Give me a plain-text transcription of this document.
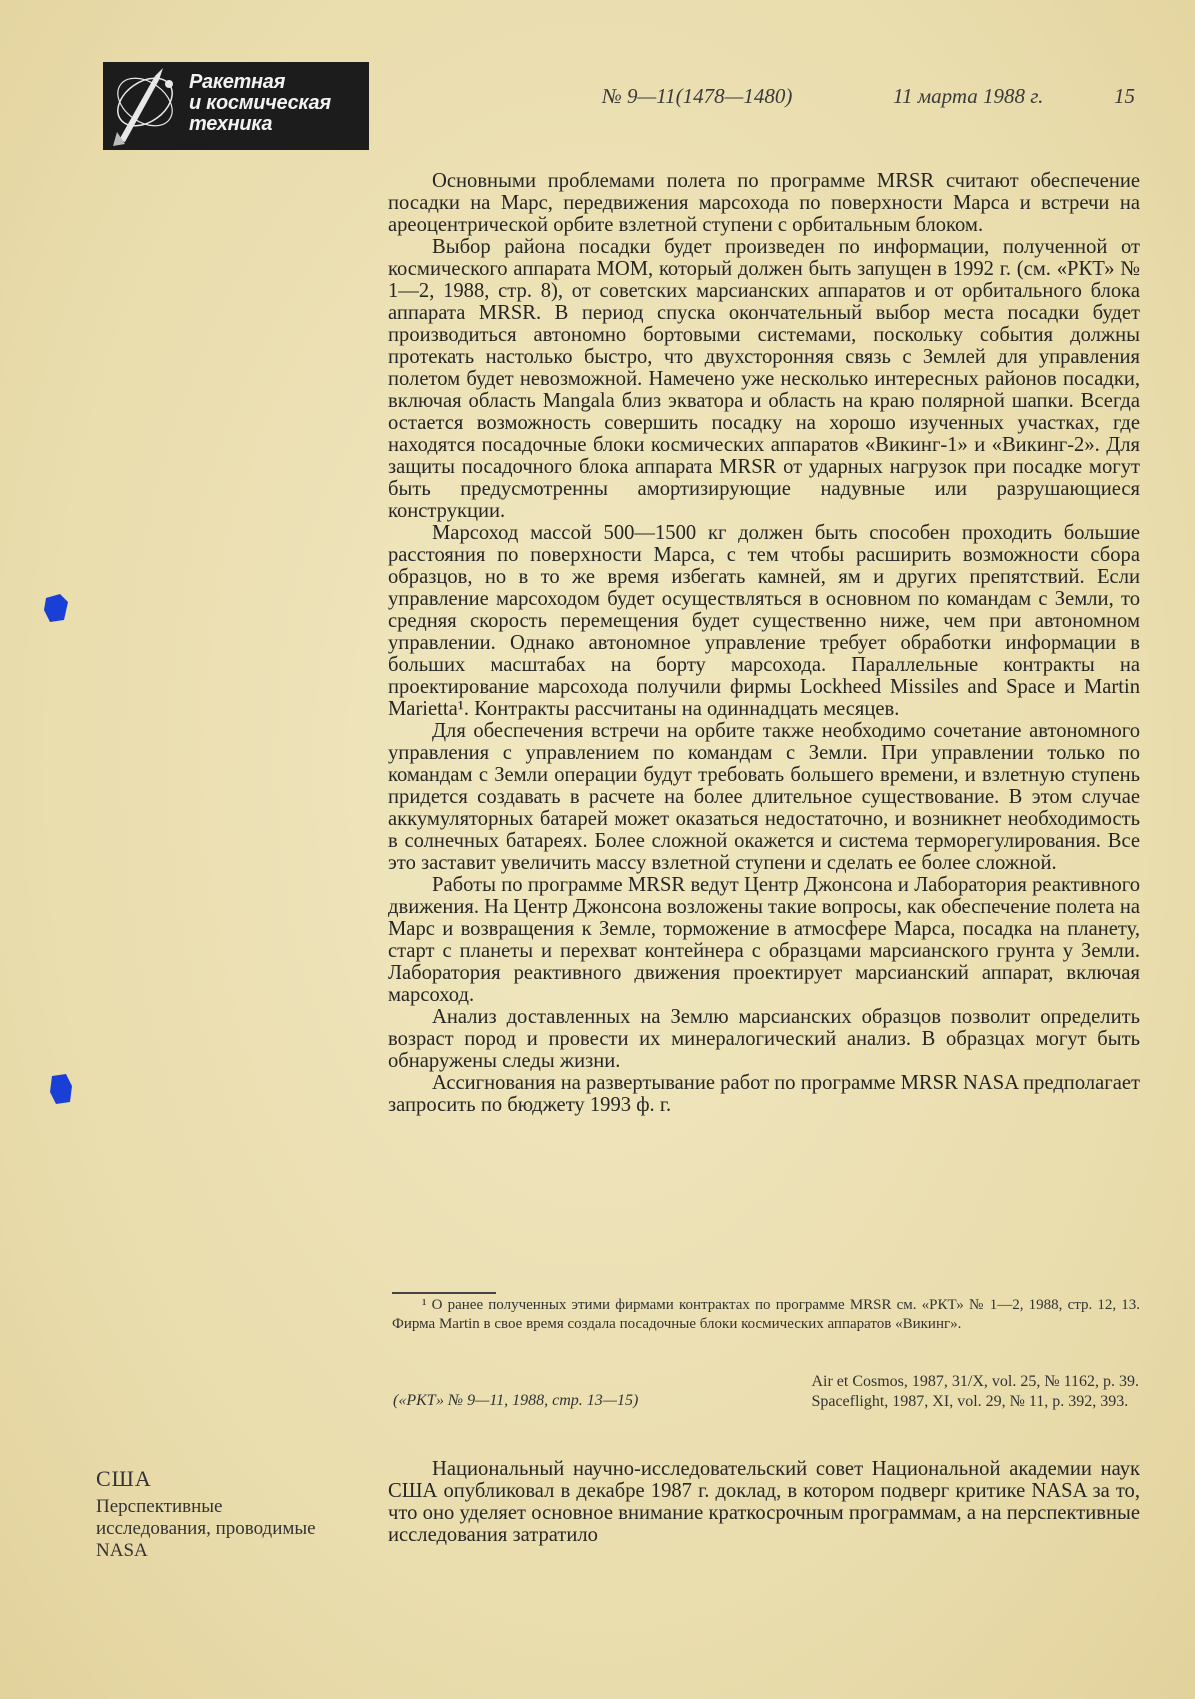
Ракетная
и космическая
техника
№ 9—11(1478—1480)	11 марта 1988 г.	15

Основными проблемами полета по программе MRSR считают обеспечение посадки на Марс, передвижения марсохода по поверхности Марса и встречи на ареоцентрической орбите взлетной ступени с орбитальным блоком.

Выбор района посадки будет произведен по информации, полученной от космического аппарата МОМ, который должен быть запущен в 1992 г. (см. «РКТ» № 1—2, 1988, стр. 8), от советских марсианских аппаратов и от орбитального блока аппарата MRSR. В период спуска окончательный выбор места посадки будет производиться автономно бортовыми системами, поскольку события должны протекать настолько быстро, что двухсторонняя связь с Землей для управления полетом будет невозможной. Намечено уже несколько интересных районов посадки, включая область Mangala близ экватора и область на краю полярной шапки. Всегда остается возможность совершить посадку на хорошо изученных участках, где находятся посадочные блоки космических аппаратов «Викинг-1» и «Викинг-2». Для защиты посадочного блока аппарата MRSR от ударных нагрузок при посадке могут быть предусмотренны амортизирующие надувные или разрушающиеся конструкции.

Марсоход массой 500—1500 кг должен быть способен проходить большие расстояния по поверхности Марса, с тем чтобы расширить возможности сбора образцов, но в то же время избегать камней, ям и других препятствий. Если управление марсоходом будет осуществляться в основном по командам с Земли, то средняя скорость перемещения будет существенно ниже, чем при автономном управлении. Однако автономное управление требует обработки информации в больших масштабах на борту марсохода. Параллельные контракты на проектирование марсохода получили фирмы Lockheed Missiles and Space и Martin Marietta¹. Контракты рассчитаны на одиннадцать месяцев.

Для обеспечения встречи на орбите также необходимо сочетание автономного управления с управлением по командам с Земли. При управлении только по командам с Земли операции будут требовать большего времени, и взлетную ступень придется создавать в расчете на более длительное существование. В этом случае аккумуляторных батарей может оказаться недостаточно, и возникнет необходимость в солнечных батареях. Более сложной окажется и система терморегулирования. Все это заставит увеличить массу взлетной ступени и сделать ее более сложной.

Работы по программе MRSR ведут Центр Джонсона и Лаборатория реактивного движения. На Центр Джонсона возложены такие вопросы, как обеспечение полета на Марс и возвращения к Земле, торможение в атмосфере Марса, посадка на планету, старт с планеты и перехват контейнера с образцами марсианского грунта у Земли. Лаборатория реактивного движения проектирует марсианский аппарат, включая марсоход.

Анализ доставленных на Землю марсианских образцов позволит определить возраст пород и провести их минералогический анализ. В образцах могут быть обнаружены следы жизни.

Ассигнования на развертывание работ по программе MRSR NASA предполагает запросить по бюджету 1993 ф. г.

¹ О ранее полученных этими фирмами контрактах по программе MRSR см. «РКТ» № 1—2, 1988, стр. 12, 13. Фирма Martin в свое время создала посадочные блоки космических аппаратов «Викинг».
(«РКТ» № 9—11, 1988, стр. 13—15)
Air et Cosmos, 1987, 31/X, vol. 25, № 1162, p. 39.
Spaceflight, 1987, XI, vol. 29, № 11, p. 392, 393.
США
Перспективные исследования, проводимые NASA
Национальный научно-исследовательский совет Национальной академии наук США опубликовал в декабре 1987 г. доклад, в котором подверг критике NASA за то, что оно уделяет основное внимание краткосрочным программам, а на перспективные исследования затратило
